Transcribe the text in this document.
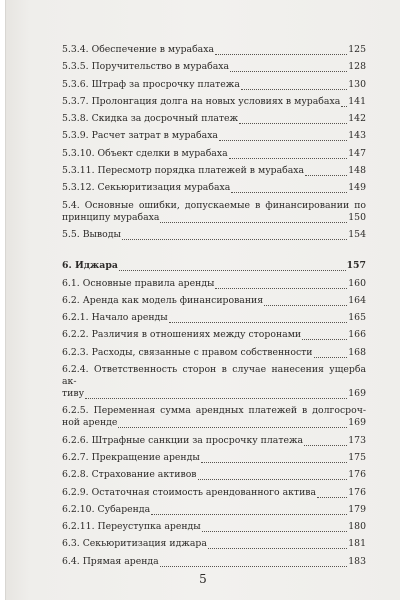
5.3.4. Обеспечение в мурабаха	125
5.3.5. Поручительство в мурабаха	128
5.3.6. Штраф за просрочку платежа	130
5.3.7. Пролонгация долга на новых условиях в мурабаха 141
5.3.8. Скидка за досрочный платеж	142
5.3.9. Расчет затрат в мурабаха	143
5.3.10. Объект сделки в мурабаха	147
5.3.11. Пересмотр порядка платежей в мурабаха	148
5.3.12. Секьюритизация мурабаха	149
5.4. Основные ошибки, допускаемые в финансировании по
принципу мурабаха	150
5.5. Выводы	154
6. Иджара	157
6.1. Основные правила аренды	160
6.2. Аренда как модель финансирования	164
6.2.1. Начало аренды	165
6.2.2. Различия в отношениях между сторонами	166
6.2.3. Расходы, связанные с правом собственности	168
6.2.4. Ответственность сторон в случае нанесения ущерба ак-
тиву	169
6.2.5. Переменная сумма арендных платежей в долгосроч-
ной аренде	169
6.2.6. Штрафные санкции за просрочку платежа	173
6.2.7. Прекращение аренды	175
6.2.8. Страхование активов	176
6.2.9. Остаточная стоимость арендованного актива	176
6.2.10. Субаренда	179
6.2.11. Переуступка аренды	180
6.3. Секьюритизация иджара	181
6.4. Прямая аренда	183
5
